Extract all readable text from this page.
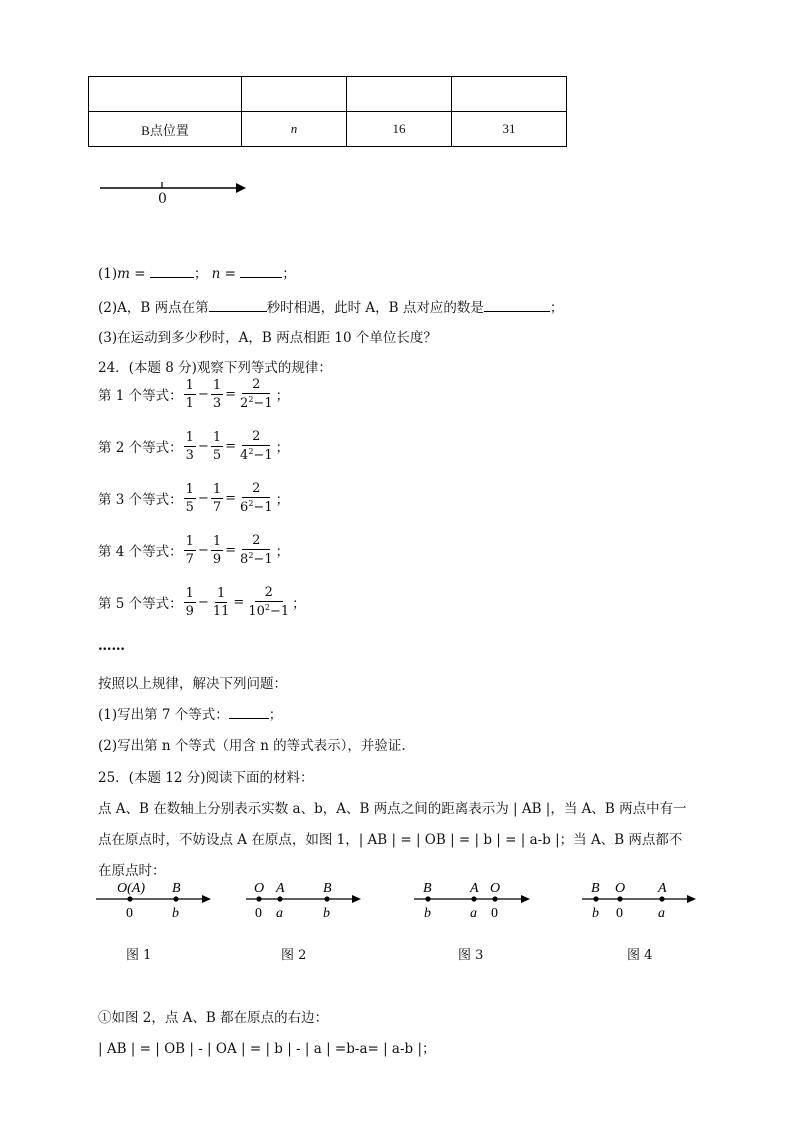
B点位置	n	16	31
0
(1)m =	； n =	；
(2)A，B 两点在第	秒时相遇，此时 A，B 点对应的数是	；
(3)在运动到多少秒时，A，B 两点相距 10 个单位长度？
24．(本题 8 分)观察下列等式的规律：
第 1 个等式： $\frac{1}{1} - \frac{1}{3} = \frac{2}{2^2-1}$ ；
第 2 个等式： $\frac{1}{3} - \frac{1}{5} = \frac{2}{4^2-1}$ ；
第 3 个等式： $\frac{1}{5} - \frac{1}{7} = \frac{2}{6^2-1}$ ；
第 4 个等式： $\frac{1}{7} - \frac{1}{9} = \frac{2}{8^2-1}$ ；
第 5 个等式： $\frac{1}{9} - \frac{1}{11} = \frac{2}{10^2-1}$ ；
……
按照以上规律，解决下列问题：
(1)写出第 7 个等式：	；
(2)写出第 n 个等式（用含 n 的等式表示），并验证.
25．(本题 12 分)阅读下面的材料：
点 A、B 在数轴上分别表示实数 a、b，A、B 两点之间的距离表示为 | AB |，当 A、B 两点中有一
点在原点时，不妨设点 A 在原点，如图 1，| AB | = | OB | = | b | = | a-b |；当 A、B 两点都不
在原点时：
O(A) B
0	b
O A	B
0 a	b
B	A O
b	a 0
B O A
b 0	a
图 1	图 2	图 3	图 4
①如图 2，点 A、B 都在原点的右边：
| AB | = | OB | - | OA | = | b | - | a | =b-a= | a-b |；
